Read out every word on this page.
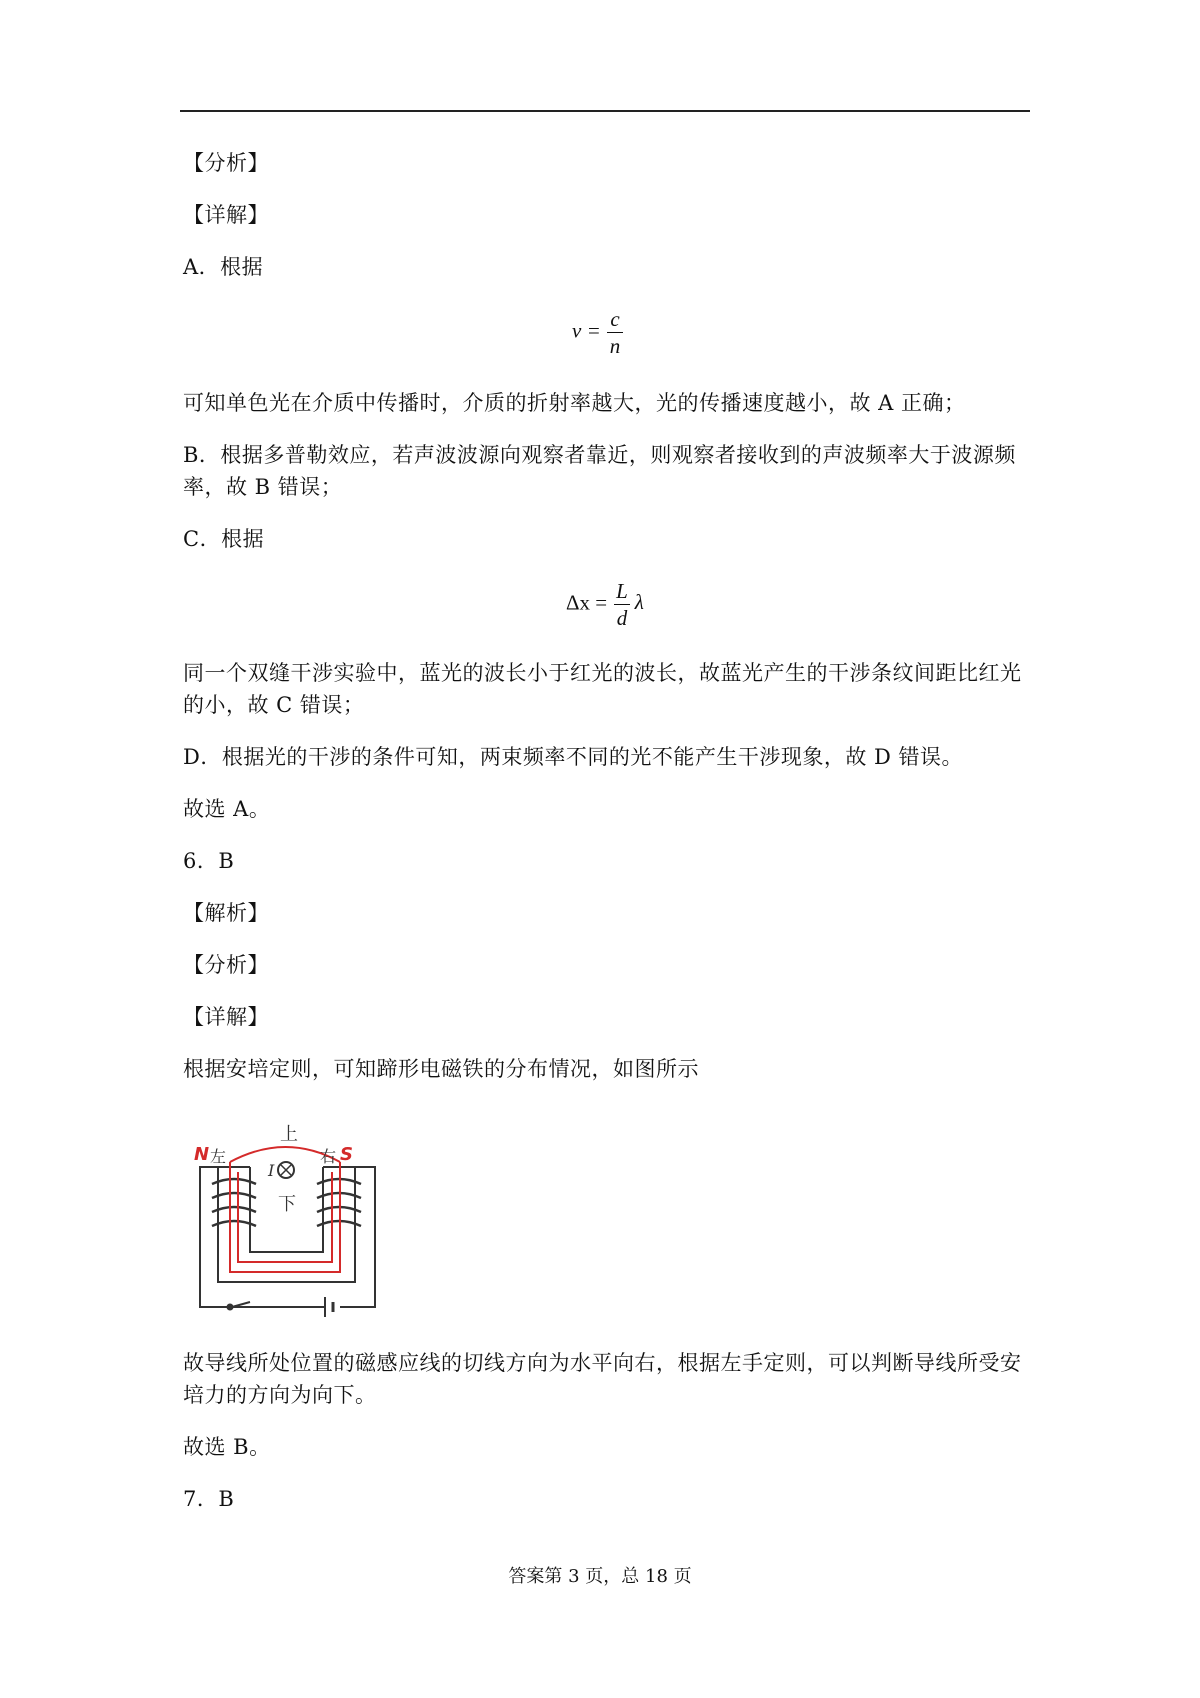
【分析】
【详解】
A．根据
$v = \frac{c}{n}$
可知单色光在介质中传播时，介质的折射率越大，光的传播速度越小，故 A 正确；
B．根据多普勒效应，若声波波源向观察者靠近，则观察者接收到的声波频率大于波源频
率，故 B 错误；
C．根据
$\Delta x = \frac{L}{d}$ λ
同一个双缝干涉实验中，蓝光的波长小于红光的波长，故蓝光产生的干涉条纹间距比红光
的小，故 C 错误；
D．根据光的干涉的条件可知，两束频率不同的光不能产生干涉现象，故 D 错误。
故选 A。
6．B
【解析】
【分析】
【详解】
根据安培定则，可知蹄形电磁铁的分布情况，如图所示
上
下
左	右
N	S
I
故导线所处位置的磁感应线的切线方向为水平向右，根据左手定则，可以判断导线所受安
培力的方向为向下。
故选 B。
7．B
答案第 3 页，总 18 页
